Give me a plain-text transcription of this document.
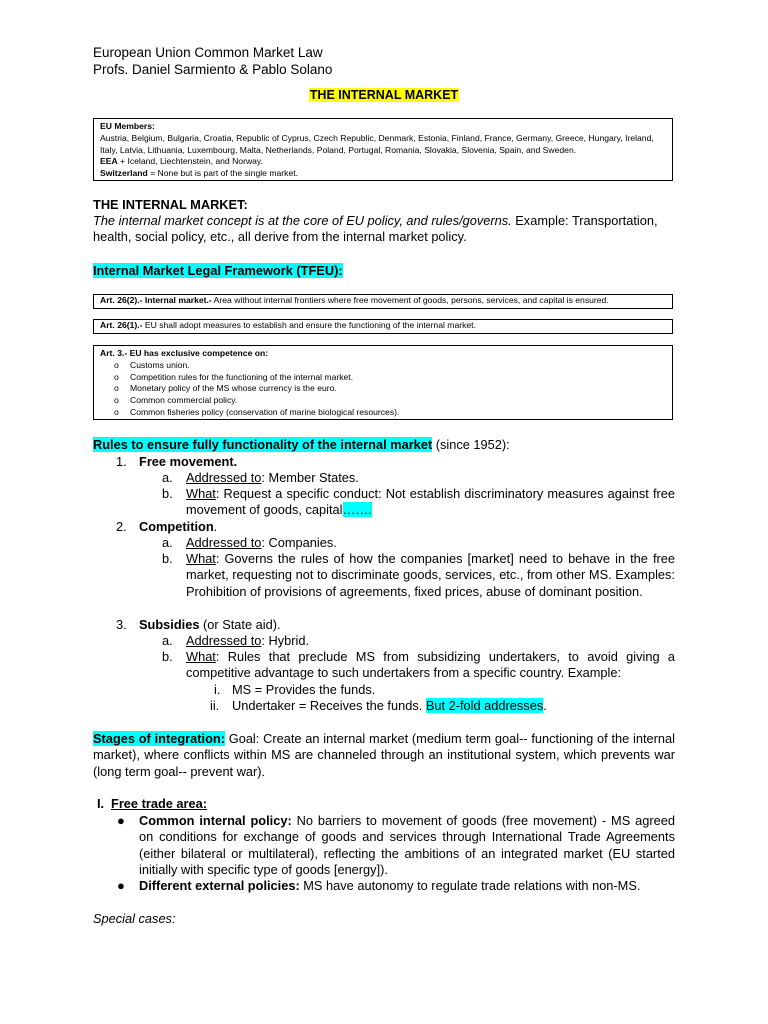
European Union Common Market Law
Profs. Daniel Sarmiento & Pablo Solano
THE INTERNAL MARKET
EU Members:
Austria, Belgium, Bulgaria, Croatia, Republic of Cyprus, Czech Republic, Denmark, Estonia, Finland, France, Germany, Greece, Hungary, Ireland, Italy, Latvia, Lithuania, Luxembourg, Malta, Netherlands, Poland, Portugal, Romania, Slovakia, Slovenia, Spain, and Sweden.
EEA + Iceland, Liechtenstein, and Norway.
Switzerland = None but is part of the single market.
THE INTERNAL MARKET:
The internal market concept is at the core of EU policy, and rules/governs. Example: Transportation, health, social policy, etc., all derive from the internal market policy.
Internal Market Legal Framework (TFEU):
Art. 26(2).- Internal market.- Area without internal frontiers where free movement of goods, persons, services, and capital is ensured.
Art. 26(1).- EU shall adopt measures to establish and ensure the functioning of the internal market.
Art. 3.- EU has exclusive competence on:
o Customs union.
o Competition rules for the functioning of the internal market.
o Monetary policy of the MS whose currency is the euro.
o Common commercial policy.
o Common fisheries policy (conservation of marine biological resources).
Rules to ensure fully functionality of the internal market (since 1952):
1. Free movement.
a. Addressed to: Member States.
b. What: Request a specific conduct: Not establish discriminatory measures against free movement of goods, capital…….
2. Competition.
a. Addressed to: Companies.
b. What: Governs the rules of how the companies [market] need to behave in the free market, requesting not to discriminate goods, services, etc., from other MS. Examples: Prohibition of provisions of agreements, fixed prices, abuse of dominant position.
3. Subsidies (or State aid).
a. Addressed to: Hybrid.
b. What: Rules that preclude MS from subsidizing undertakers, to avoid giving a competitive advantage to such undertakers from a specific country. Example:
i. MS = Provides the funds.
ii. Undertaker = Receives the funds. But 2-fold addresses.
Stages of integration: Goal: Create an internal market (medium term goal-- functioning of the internal market), where conflicts within MS are channeled through an institutional system, which prevents war (long term goal-- prevent war).
I. Free trade area:
● Common internal policy: No barriers to movement of goods (free movement) - MS agreed on conditions for exchange of goods and services through International Trade Agreements (either bilateral or multilateral), reflecting the ambitions of an integrated market (EU started initially with specific type of goods [energy]).
● Different external policies: MS have autonomy to regulate trade relations with non-MS.
Special cases:
